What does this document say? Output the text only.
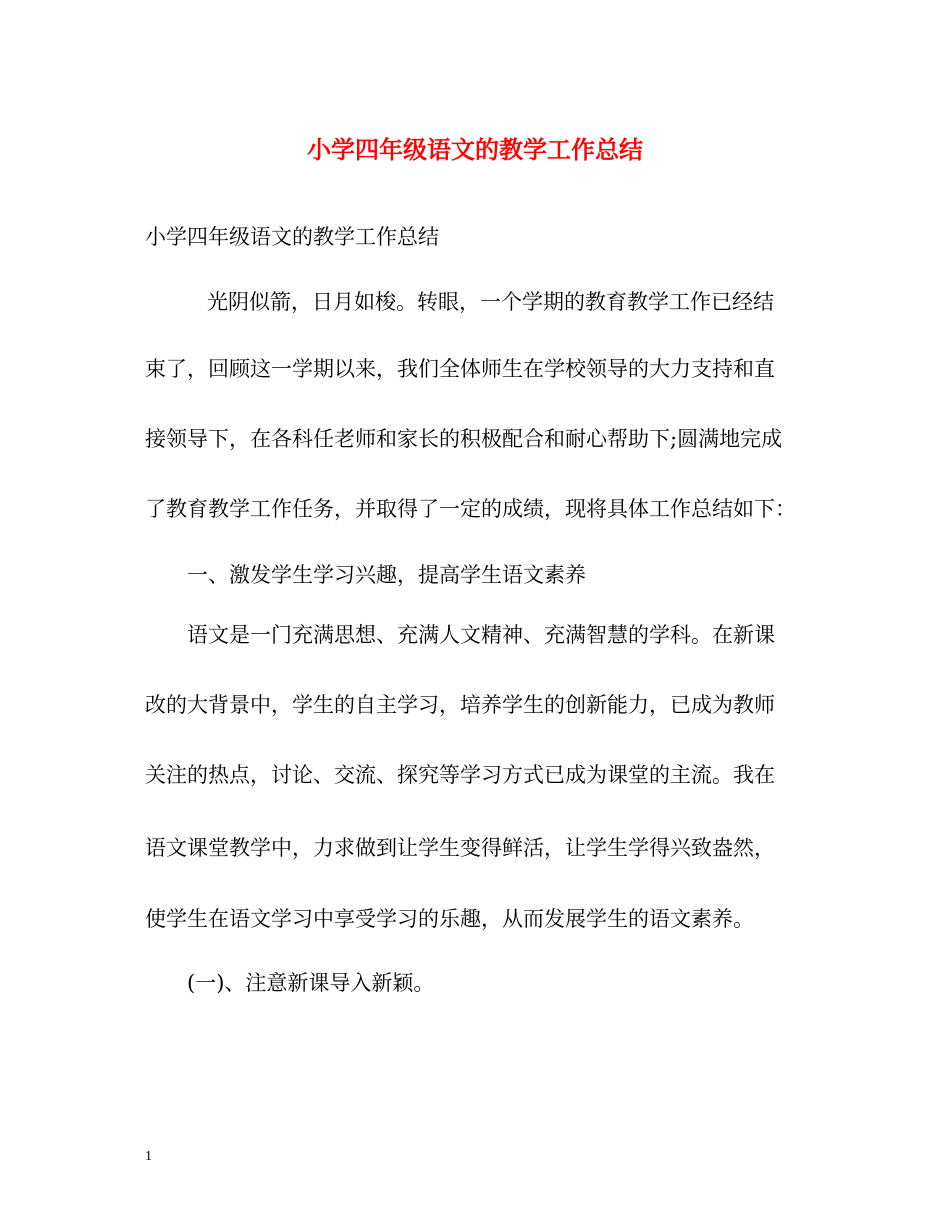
小学四年级语文的教学工作总结
小学四年级语文的教学工作总结
光阴似箭，日月如梭。转眼，一个学期的教育教学工作已经结
束了，回顾这一学期以来，我们全体师生在学校领导的大力支持和直
接领导下，在各科任老师和家长的积极配合和耐心帮助下;圆满地完成
了教育教学工作任务，并取得了一定的成绩，现将具体工作总结如下：
一、激发学生学习兴趣，提高学生语文素养
语文是一门充满思想、充满人文精神、充满智慧的学科。在新课
改的大背景中，学生的自主学习，培养学生的创新能力，已成为教师
关注的热点，讨论、交流、探究等学习方式已成为课堂的主流。我在
语文课堂教学中，力求做到让学生变得鲜活，让学生学得兴致盎然，
使学生在语文学习中享受学习的乐趣，从而发展学生的语文素养。
(一)、注意新课导入新颖。
1
